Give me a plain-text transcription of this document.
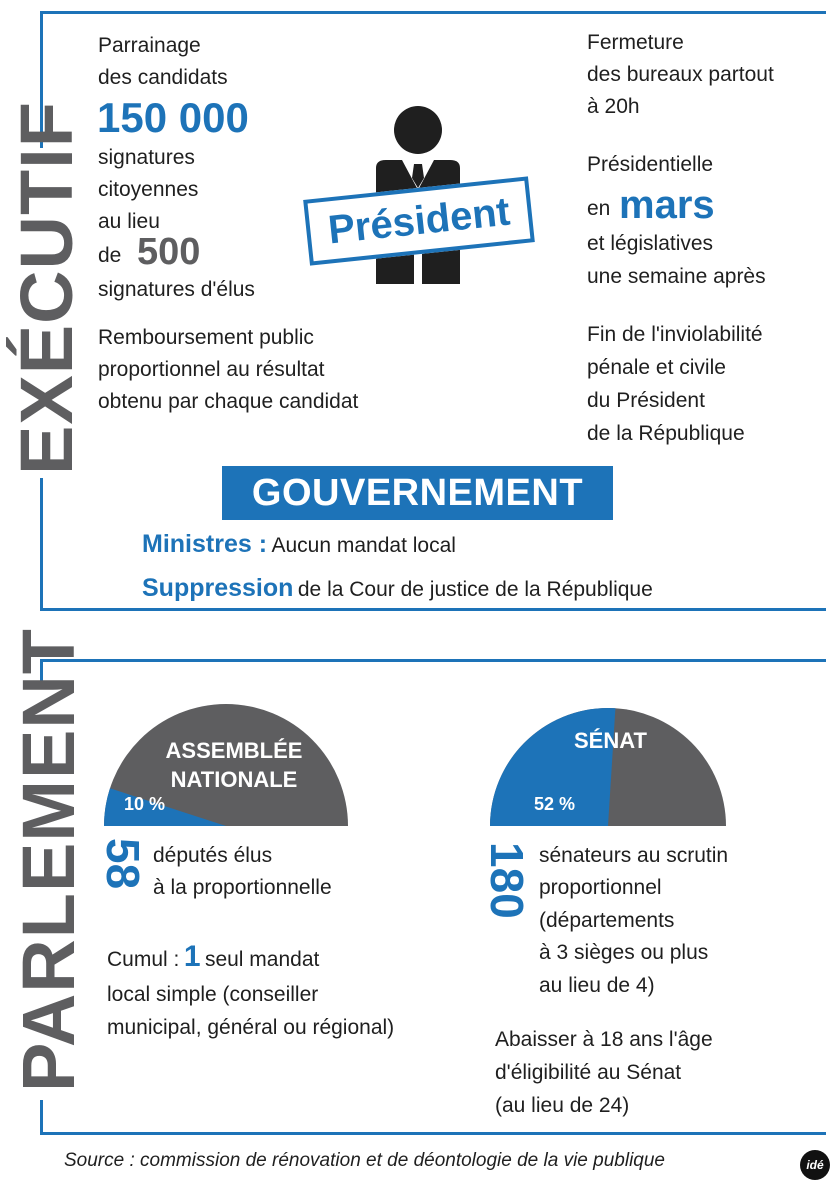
EXÉCUTIF
Parrainage
des candidats
150 000
signatures
citoyennes
au lieu
de 500
signatures d'élus
Remboursement public
proportionnel au résultat
obtenu par chaque candidat
Président
Fermeture
des bureaux partout
à 20h
Présidentielle
en mars
et législatives
une semaine après
Fin de l'inviolabilité
pénale et civile
du Président
de la République
GOUVERNEMENT
Ministres : Aucun mandat local
Suppression de la Cour de justice de la République
PARLEMENT	ASSEMBLÉE
NATIONALE
10 %
SÉNAT
52 %
58 députés élus
à la proportionnelle
Cumul : 1 seul mandat
local simple (conseiller
municipal, général ou régional)
180 sénateurs au scrutin
proportionnel
(départements
à 3 sièges ou plus
au lieu de 4)
Abaisser à 18 ans l'âge
d'éligibilité au Sénat
(au lieu de 24)
Source : commission de rénovation et de déontologie de la vie publique	idé
